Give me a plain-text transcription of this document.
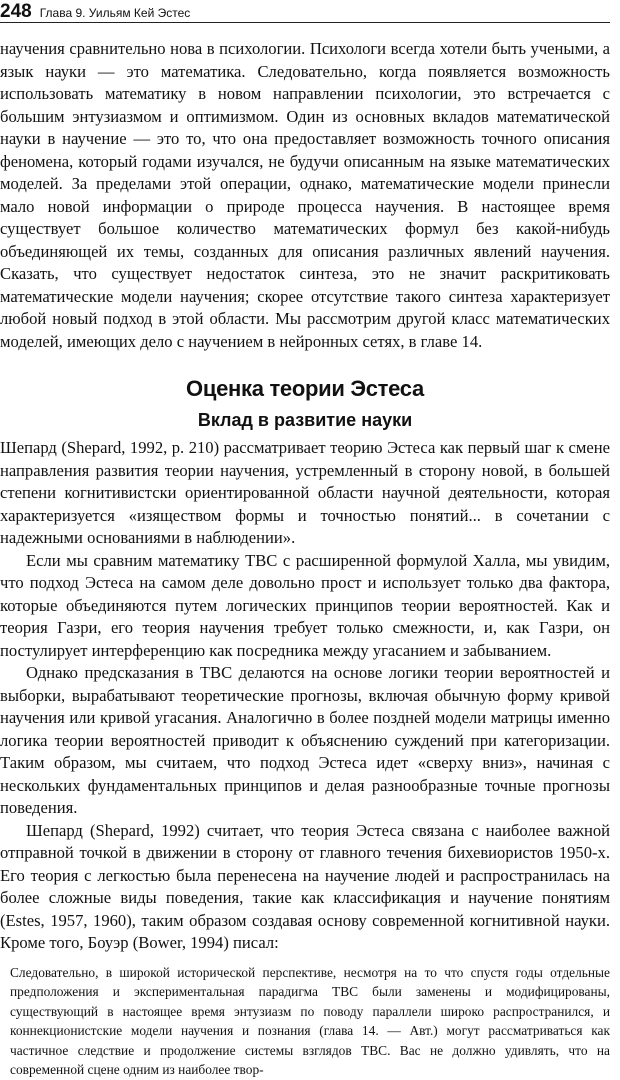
248 Глава 9. Уильям Кей Эстес

научения сравнительно нова в психологии. Психологи всегда хотели быть учеными, а язык науки — это математика. Следовательно, когда появляется возможность использовать математику в новом направлении психологии, это встречается с большим энтузиазмом и оптимизмом. Один из основных вкладов математической науки в научение — это то, что она предоставляет возможность точного описания феномена, который годами изучался, не будучи описанным на языке математических моделей. За пределами этой операции, однако, математические модели принесли мало новой информации о природе процесса научения. В настоящее время существует большое количество математических формул без какой-нибудь объединяющей их темы, созданных для описания различных явлений научения. Сказать, что существует недостаток синтеза, это не значит раскритиковать математические модели научения; скорее отсутствие такого синтеза характеризует любой новый подход в этой области. Мы рассмотрим другой класс математических моделей, имеющих дело с научением в нейронных сетях, в главе 14.

Оценка теории Эстеса
Вклад в развитие науки

Шепард (Shepard, 1992, p. 210) рассматривает теорию Эстеса как первый шаг к смене направления развития теории научения, устремленный в сторону новой, в большей степени когнитивистски ориентированной области научной деятельности, которая характеризуется «изяществом формы и точностью понятий... в сочетании с надежными основаниями в наблюдении».

Если мы сравним математику ТВС с расширенной формулой Халла, мы увидим, что подход Эстеса на самом деле довольно прост и использует только два фактора, которые объединяются путем логических принципов теории вероятностей. Как и теория Газри, его теория научения требует только смежности, и, как Газри, он постулирует интерференцию как посредника между угасанием и забыванием.

Однако предсказания в ТВС делаются на основе логики теории вероятностей и выборки, вырабатывают теоретические прогнозы, включая обычную форму кривой научения или кривой угасания. Аналогично в более поздней модели матрицы именно логика теории вероятностей приводит к объяснению суждений при категоризации. Таким образом, мы считаем, что подход Эстеса идет «сверху вниз», начиная с нескольких фундаментальных принципов и делая разнообразные точные прогнозы поведения.

Шепард (Shepard, 1992) считает, что теория Эстеса связана с наиболее важной отправной точкой в движении в сторону от главного течения бихевиористов 1950-х. Его теория с легкостью была перенесена на научение людей и распространилась на более сложные виды поведения, такие как классификация и научение понятиям (Estes, 1957, 1960), таким образом создавая основу современной когнитивной науки. Кроме того, Боуэр (Bower, 1994) писал:

Следовательно, в широкой исторической перспективе, несмотря на то что спустя годы отдельные предположения и экспериментальная парадигма ТВС были заменены и модифицированы, существующий в настоящее время энтузиазм по поводу параллели широко распространился, и коннекционистские модели научения и познания (глава 14. — Авт.) могут рассматриваться как частичное следствие и продолжение системы взглядов ТВС. Вас не должно удивлять, что на современной сцене одним из наиболее твор-
